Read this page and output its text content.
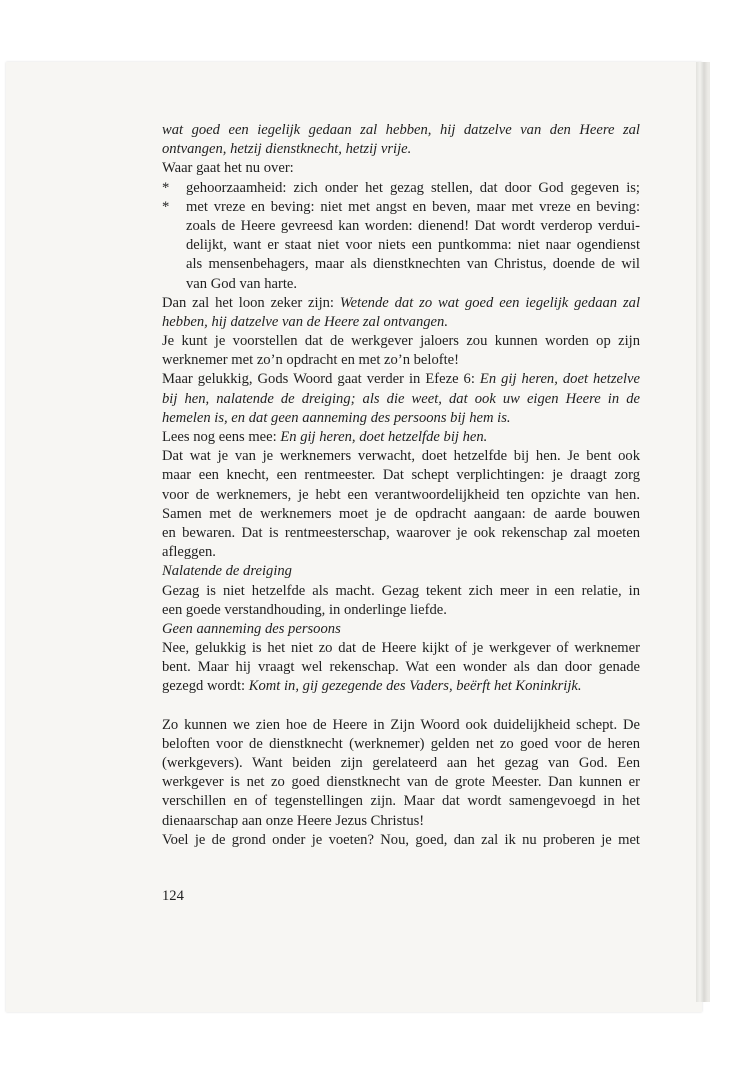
wat goed een iegelijk gedaan zal hebben, hij datzelve van den Heere zal
ontvangen, hetzij dienstknecht, hetzij vrije.
Waar gaat het nu over:
* gehoorzaamheid: zich onder het gezag stellen, dat door God gegeven is;
* met vreze en beving: niet met angst en beven, maar met vreze en beving:
zoals de Heere gevreesd kan worden: dienend! Dat wordt verderop verdui-
delijkt, want er staat niet voor niets een puntkomma: niet naar ogendienst
als mensenbehagers, maar als dienstknechten van Christus, doende de wil
van God van harte.
Dan zal het loon zeker zijn: Wetende dat zo wat goed een iegelijk gedaan zal
hebben, hij datzelve van de Heere zal ontvangen.
Je kunt je voorstellen dat de werkgever jaloers zou kunnen worden op zijn
werknemer met zo’n opdracht en met zo’n belofte!
Maar gelukkig, Gods Woord gaat verder in Efeze 6: En gij heren, doet hetzelve
bij hen, nalatende de dreiging; als die weet, dat ook uw eigen Heere in de
hemelen is, en dat geen aanneming des persoons bij hem is.
Lees nog eens mee: En gij heren, doet hetzelfde bij hen.
Dat wat je van je werknemers verwacht, doet hetzelfde bij hen. Je bent ook
maar een knecht, een rentmeester. Dat schept verplichtingen: je draagt zorg
voor de werknemers, je hebt een verantwoordelijkheid ten opzichte van hen.
Samen met de werknemers moet je de opdracht aangaan: de aarde bouwen
en bewaren. Dat is rentmeesterschap, waarover je ook rekenschap zal moeten
afleggen.
Nalatende de dreiging
Gezag is niet hetzelfde als macht. Gezag tekent zich meer in een relatie, in
een goede verstandhouding, in onderlinge liefde.
Geen aanneming des persoons
Nee, gelukkig is het niet zo dat de Heere kijkt of je werkgever of werknemer
bent. Maar hij vraagt wel rekenschap. Wat een wonder als dan door genade
gezegd wordt: Komt in, gij gezegende des Vaders, beërft het Koninkrijk.
Zo kunnen we zien hoe de Heere in Zijn Woord ook duidelijkheid schept. De
beloften voor de dienstknecht (werknemer) gelden net zo goed voor de heren
(werkgevers). Want beiden zijn gerelateerd aan het gezag van God. Een
werkgever is net zo goed dienstknecht van de grote Meester. Dan kunnen er
verschillen en of tegenstellingen zijn. Maar dat wordt samengevoegd in het
dienaarschap aan onze Heere Jezus Christus!
Voel je de grond onder je voeten? Nou, goed, dan zal ik nu proberen je met
124
